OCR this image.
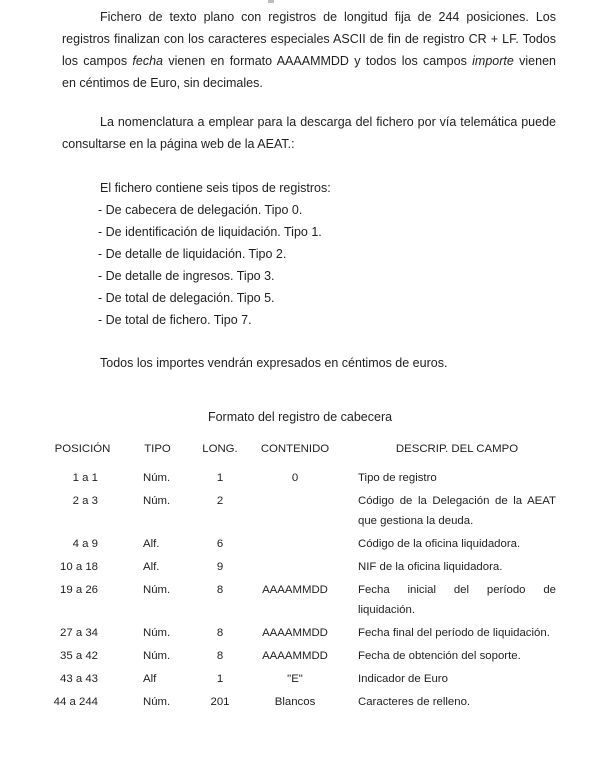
Fichero de texto plano con registros de longitud fija de 244 posiciones. Los
registros finalizan con los caracteres especiales ASCII de fin de registro CR + LF. Todos
los campos fecha vienen en formato AAAAMMDD y todos los campos importe vienen
en céntimos de Euro, sin decimales.
La nomenclatura a emplear para la descarga del fichero por vía telemática puede
consultarse en la página web de la AEAT.:
El fichero contiene seis tipos de registros:
- De cabecera de delegación. Tipo 0.
- De identificación de liquidación. Tipo 1.
- De detalle de liquidación. Tipo 2.
- De detalle de ingresos. Tipo 3.
- De total de delegación. Tipo 5.
- De total de fichero. Tipo 7.
Todos los importes vendrán expresados en céntimos de euros.
Formato del registro de cabecera
POSICIÓN	TIPO	LONG.	CONTENIDO	DESCRIP. DEL CAMPO
1 a 1	Núm.	1	0	Tipo de registro
2 a 3	Núm.	2		Código de la Delegación de la AEAT que gestiona la deuda.
4 a 9	Alf.	6		Código de la oficina liquidadora.
10 a 18	Alf.	9		NIF de la oficina liquidadora.
19 a 26	Núm.	8	AAAAMMDD	Fecha inicial del período de liquidación.
27 a 34	Núm.	8	AAAAMMDD	Fecha final del período de liquidación.
35 a 42	Núm.	8	AAAAMMDD	Fecha de obtención del soporte.
43 a 43	Alf	1	"E"	Indicador de Euro
44 a 244	Núm.	201	Blancos	Caracteres de relleno.
